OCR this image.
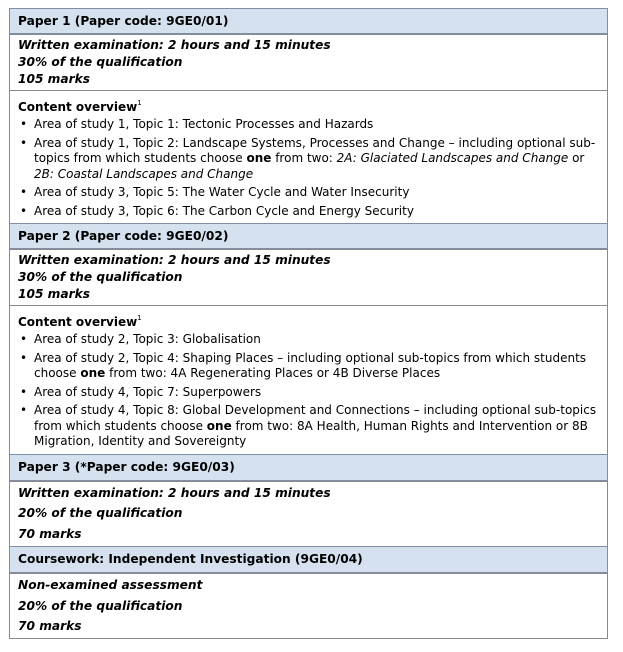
Paper 1 (Paper code: 9GE0/01)
Written examination: 2 hours and 15 minutes
30% of the qualification
105 marks
Content overview$^1$
• Area of study 1, Topic 1: Tectonic Processes and Hazards
• Area of study 1, Topic 2: Landscape Systems, Processes and Change – including optional sub-topics from which students choose one from two: 2A: Glaciated Landscapes and Change or 2B: Coastal Landscapes and Change
• Area of study 3, Topic 5: The Water Cycle and Water Insecurity
• Area of study 3, Topic 6: The Carbon Cycle and Energy Security
Paper 2 (Paper code: 9GE0/02)
Written examination: 2 hours and 15 minutes
30% of the qualification
105 marks
Content overview$^1$
• Area of study 2, Topic 3: Globalisation
• Area of study 2, Topic 4: Shaping Places – including optional sub-topics from which students choose one from two: 4A Regenerating Places or 4B Diverse Places
• Area of study 4, Topic 7: Superpowers
• Area of study 4, Topic 8: Global Development and Connections – including optional sub-topics from which students choose one from two: 8A Health, Human Rights and Intervention or 8B Migration, Identity and Sovereignty
Paper 3 (*Paper code: 9GE0/03)
Written examination: 2 hours and 15 minutes
20% of the qualification
70 marks
Coursework: Independent Investigation (9GE0/04)
Non-examined assessment
20% of the qualification
70 marks
